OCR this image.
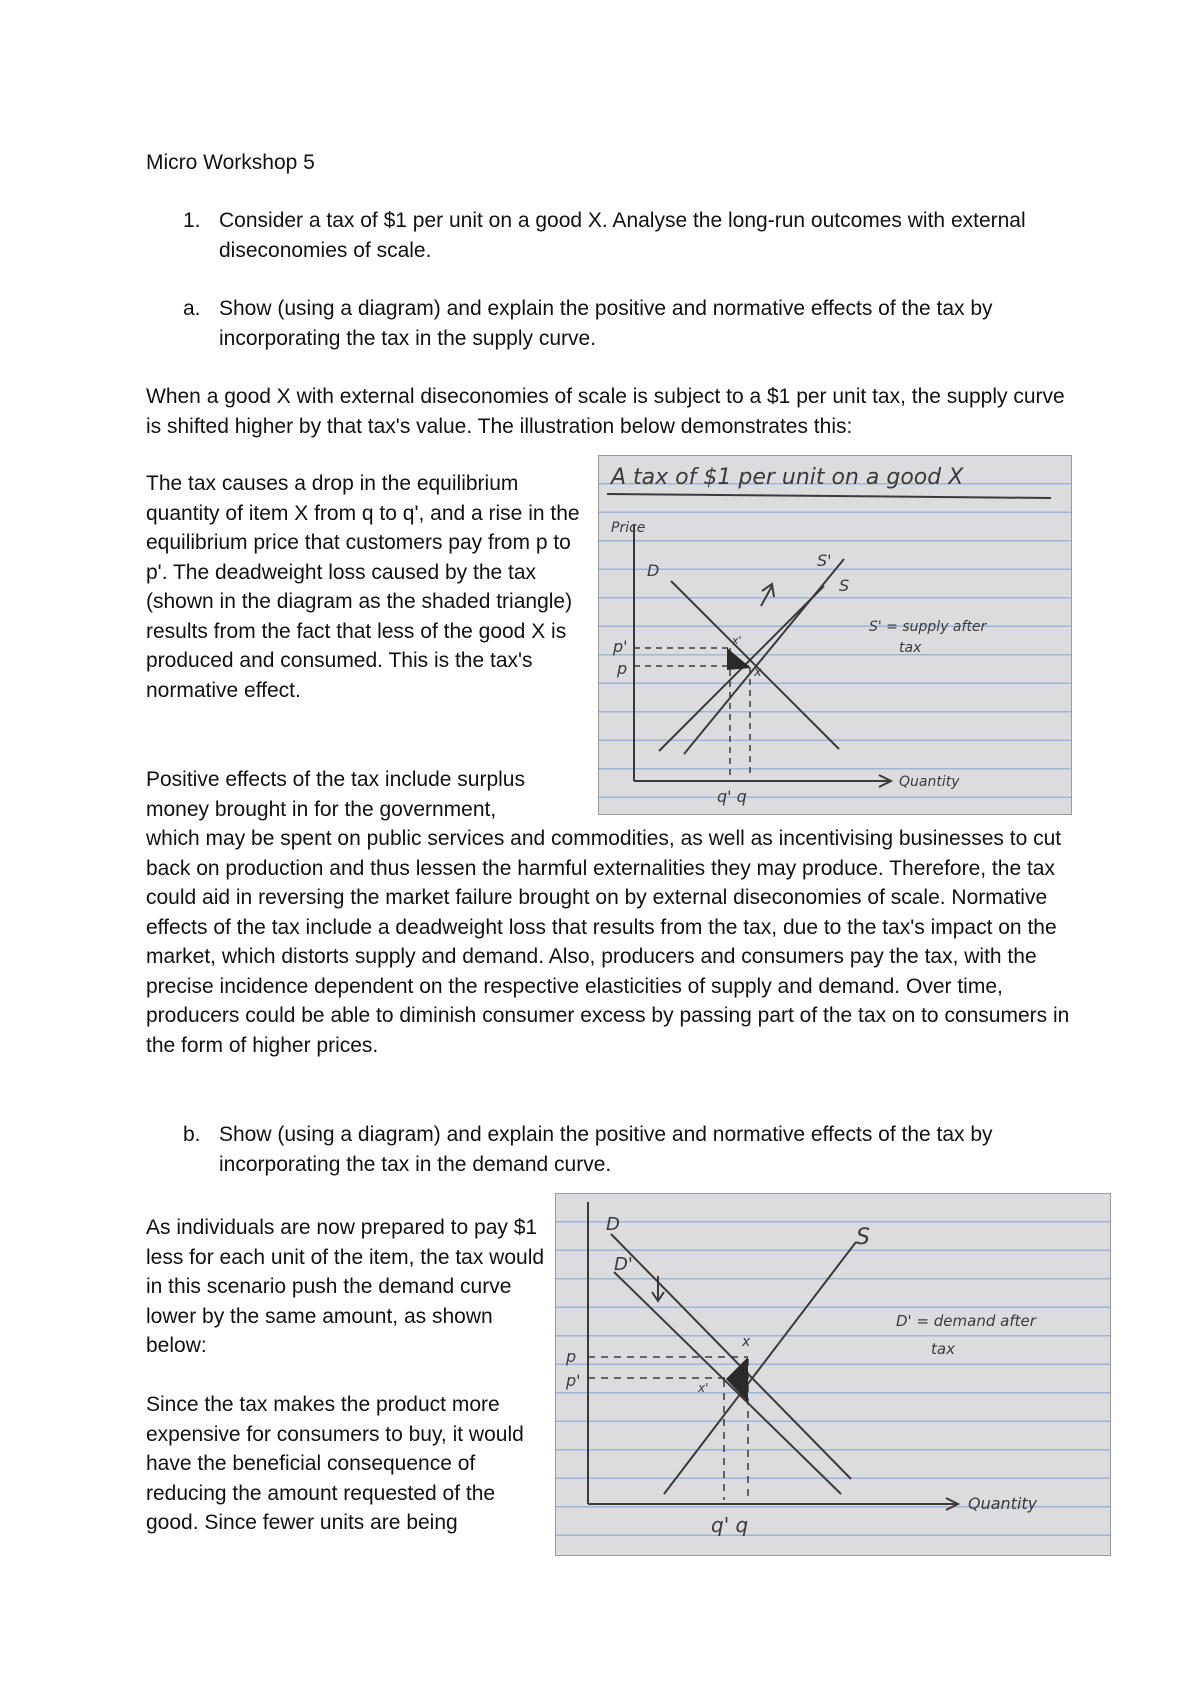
Micro Workshop 5

1. Consider a tax of $1 per unit on a good X. Analyse the long-run outcomes with external diseconomies of scale.

a. Show (using a diagram) and explain the positive and normative effects of the tax by incorporating the tax in the supply curve.

When a good X with external diseconomies of scale is subject to a $1 per unit tax, the supply curve is shifted higher by that tax's value. The illustration below demonstrates this:

The tax causes a drop in the equilibrium quantity of item X from q to q', and a rise in the equilibrium price that customers pay from p to p'. The deadweight loss caused by the tax (shown in the diagram as the shaded triangle) results from the fact that less of the good X is produced and consumed. This is the tax's normative effect.

Positive effects of the tax include surplus money brought in for the government,

which may be spent on public services and commodities, as well as incentivising businesses to cut back on production and thus lessen the harmful externalities they may produce. Therefore, the tax could aid in reversing the market failure brought on by external diseconomies of scale. Normative effects of the tax include a deadweight loss that results from the tax, due to the tax's impact on the market, which distorts supply and demand. Also, producers and consumers pay the tax, with the precise incidence dependent on the respective elasticities of supply and demand. Over time, producers could be able to diminish consumer excess by passing part of the tax on to consumers in the form of higher prices.

A tax of $1 per unit on a good X
Price
Quantity
D
S'
S
S' = supply after
tax
p'
p
x'
x
q' q
b. Show (using a diagram) and explain the positive and normative effects of the tax by incorporating the tax in the demand curve.

As individuals are now prepared to pay $1 less for each unit of the item, the tax would in this scenario push the demand curve lower by the same amount, as shown below:

Since the tax makes the product more expensive for consumers to buy, it would have the beneficial consequence of reducing the amount requested of the good. Since fewer units are being

D
D'
S
D' = demand after
tax
p
p'
x
x'
q' q
Quantity
